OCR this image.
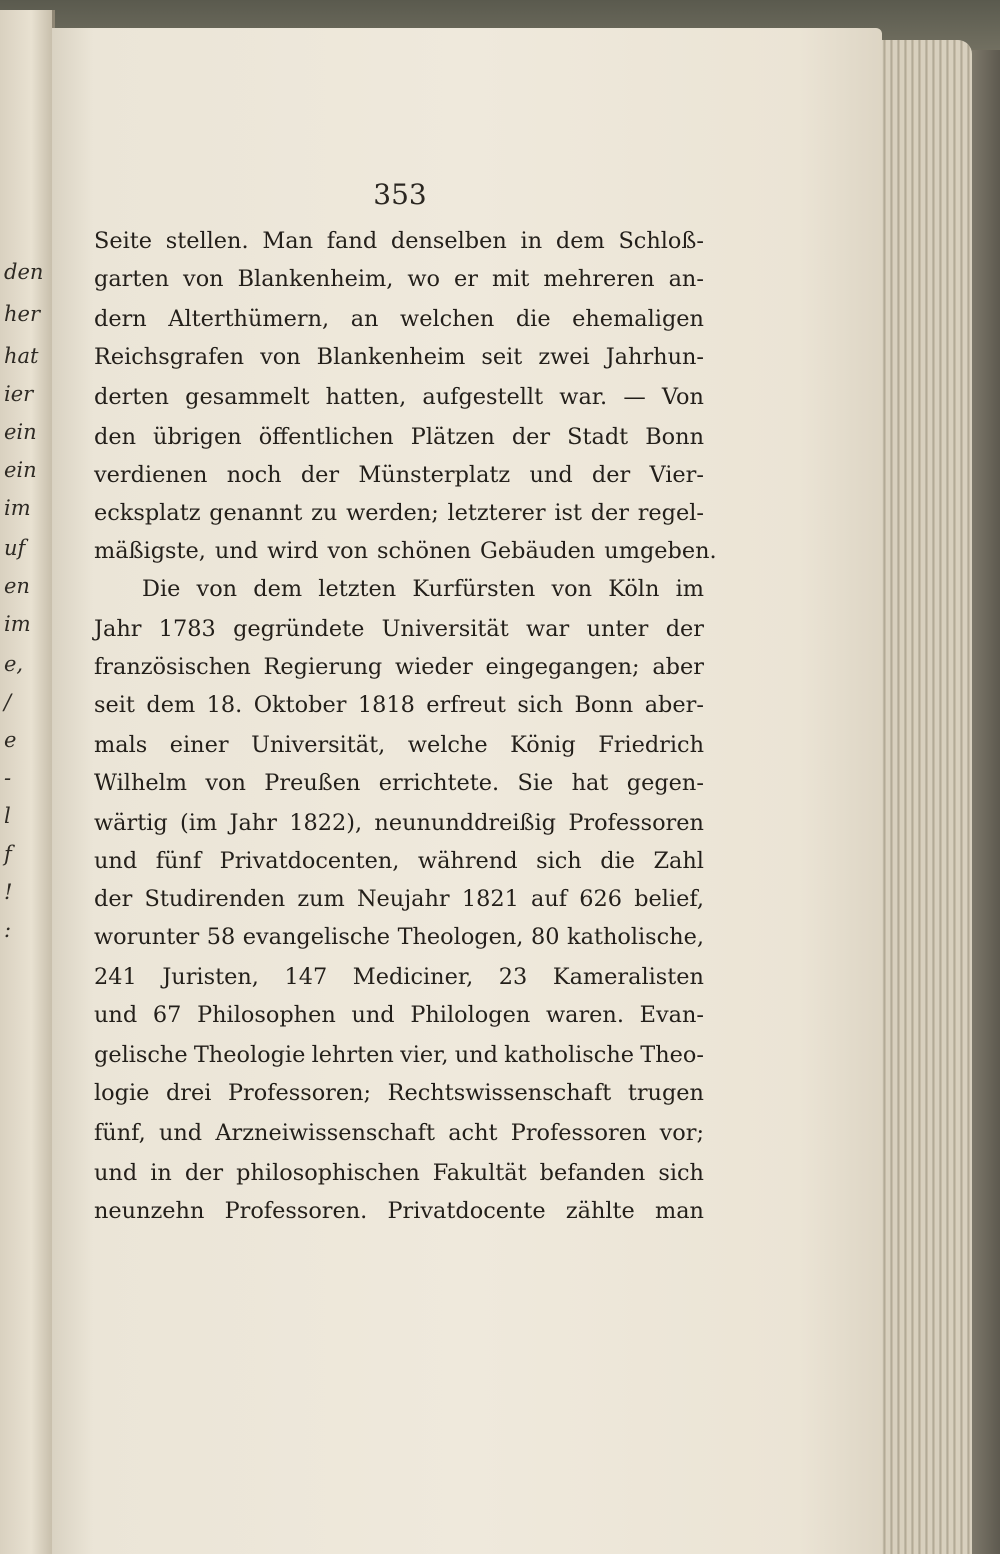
den
her
hat
ier
ein
ein
im
uf
en
im
e,
/
e
-
l
f
!
:
353
Seite stellen. Man fand denselben in dem Schloß-
garten von Blankenheim, wo er mit mehreren an-
dern Alterthümern, an welchen die ehemaligen
Reichsgrafen von Blankenheim seit zwei Jahrhun-
derten gesammelt hatten, aufgestellt war. — Von
den übrigen öffentlichen Plätzen der Stadt Bonn
verdienen noch der Münsterplatz und der Vier-
ecksplatz genannt zu werden; letzterer ist der regel-
mäßigste, und wird von schönen Gebäuden umgeben.
Die von dem letzten Kurfürsten von Köln im
Jahr 1783 gegründete Universität war unter der
französischen Regierung wieder eingegangen; aber
seit dem 18. Oktober 1818 erfreut sich Bonn aber-
mals einer Universität, welche König Friedrich
Wilhelm von Preußen errichtete. Sie hat gegen-
wärtig (im Jahr 1822), neununddreißig Professoren
und fünf Privatdocenten, während sich die Zahl
der Studirenden zum Neujahr 1821 auf 626 belief,
worunter 58 evangelische Theologen, 80 katholische,
241 Juristen, 147 Mediciner, 23 Kameralisten
und 67 Philosophen und Philologen waren. Evan-
gelische Theologie lehrten vier, und katholische Theo-
logie drei Professoren; Rechtswissenschaft trugen
fünf, und Arzneiwissenschaft acht Professoren vor;
und in der philosophischen Fakultät befanden sich
neunzehn Professoren. Privatdocente zählte man
